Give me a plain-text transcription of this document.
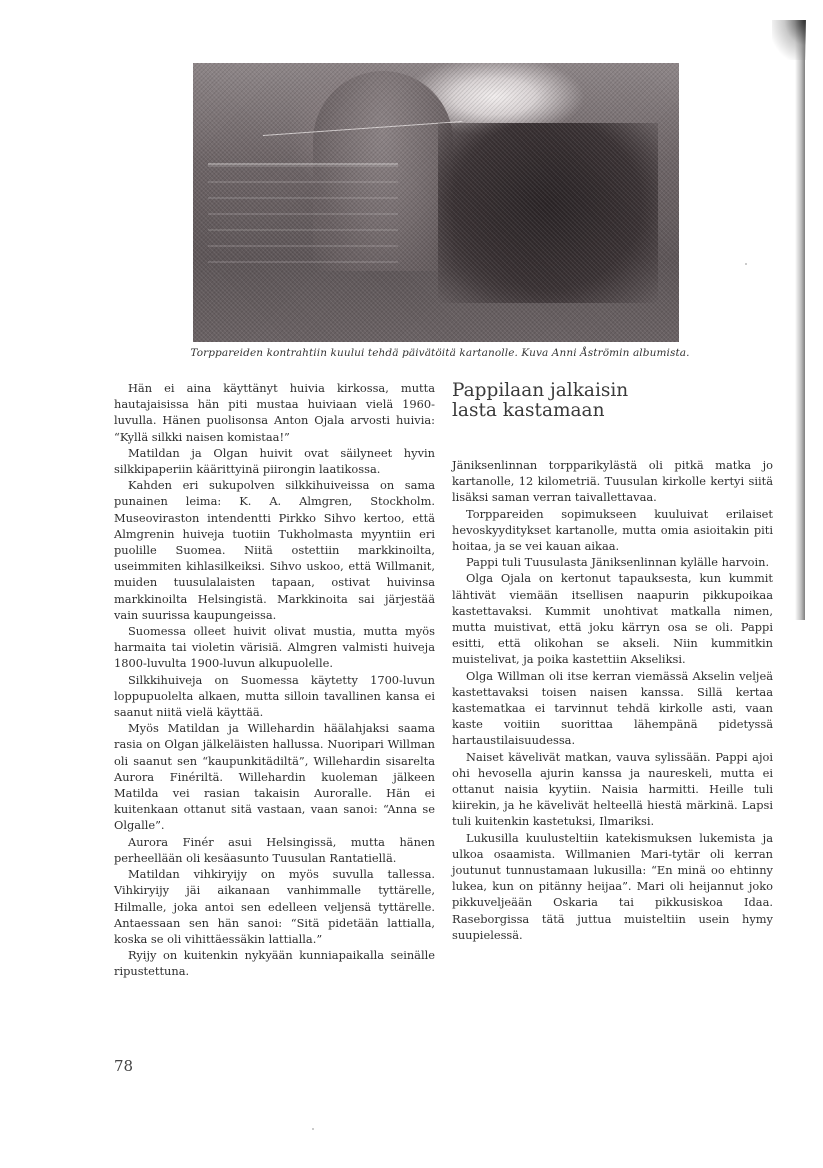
Torppareiden kontrahtiin kuului tehdä päivätöitä kartanolle. Kuva Anni Åströmin albumista.

Hän ei aina käyttänyt huivia kirkossa, mutta hautajaisissa hän piti mustaa huiviaan vielä 1960-luvulla. Hänen puolisonsa Anton Ojala arvosti huivia: “Kyllä silkki naisen komistaa!”

Matildan ja Olgan huivit ovat säilyneet hyvin silkkipaperiin käärittyinä piirongin laatikossa.

Kahden eri sukupolven silkkihuiveissa on sama punainen leima: K. A. Almgren, Stockholm. Museoviraston intendentti Pirkko Sihvo kertoo, että Almgrenin huiveja tuotiin Tukholmasta myyntiin eri puolille Suomea. Niitä ostettiin markkinoilta, useimmiten kihlasilkeiksi. Sihvo uskoo, että Willmanit, muiden tuusulalaisten tapaan, ostivat huivinsa markkinoilta Helsingistä. Markkinoita sai järjestää vain suurissa kaupungeissa.

Suomessa olleet huivit olivat mustia, mutta myös harmaita tai violetin värisiä. Almgren valmisti huiveja 1800-luvulta 1900-luvun alkupuolelle.

Silkkihuiveja on Suomessa käytetty 1700-luvun loppupuolelta alkaen, mutta silloin tavallinen kansa ei saanut niitä vielä käyttää.

Myös Matildan ja Willehardin häälahjaksi saama rasia on Olgan jälkeläisten hallussa. Nuoripari Willman oli saanut sen “kaupunkitädiltä”, Willehardin sisarelta Aurora Finériltä. Willehardin kuoleman jälkeen Matilda vei rasian takaisin Auroralle. Hän ei kuitenkaan ottanut sitä vastaan, vaan sanoi: “Anna se Olgalle”.

Aurora Finér asui Helsingissä, mutta hänen perheellään oli kesäasunto Tuusulan Rantatiellä.

Matildan vihkiryijy on myös suvulla tallessa. Vihkiryijy jäi aikanaan vanhimmalle tyttärelle, Hilmalle, joka antoi sen edelleen veljensä tyttärelle. Antaessaan sen hän sanoi: “Sitä pidetään lattialla, koska se oli vihittäessäkin lattialla.”

Ryijy on kuitenkin nykyään kunniapaikalla seinälle ripustettuna.

Pappilaan jalkaisin
lasta kastamaan

Jäniksenlinnan torpparikylästä oli pitkä matka jo kartanolle, 12 kilometriä. Tuusulan kirkolle kertyi siitä lisäksi saman verran taivallettavaa.

Torppareiden sopimukseen kuuluivat erilaiset hevoskyyditykset kartanolle, mutta omia asioitakin piti hoitaa, ja se vei kauan aikaa.

Pappi tuli Tuusulasta Jäniksenlinnan kylälle harvoin.

Olga Ojala on kertonut tapauksesta, kun kummit lähtivät viemään itsellisen naapurin pikkupoikaa kastettavaksi. Kummit unohtivat matkalla nimen, mutta muistivat, että joku kärryn osa se oli. Pappi esitti, että olikohan se akseli. Niin kummitkin muistelivat, ja poika kastettiin Akseliksi.

Olga Willman oli itse kerran viemässä Akselin veljeä kastettavaksi toisen naisen kanssa. Sillä kertaa kastematkaa ei tarvinnut tehdä kirkolle asti, vaan kaste voitiin suorittaa lähempänä pidetyssä hartaustilaisuudessa.

Naiset kävelivät matkan, vauva sylissään. Pappi ajoi ohi hevosella ajurin kanssa ja naureskeli, mutta ei ottanut naisia kyytiin. Naisia harmitti. Heille tuli kiirekin, ja he kävelivät helteellä hiestä märkinä. Lapsi tuli kuitenkin kastetuksi, Ilmariksi.

Lukusilla kuulusteltiin katekismuksen lukemista ja ulkoa osaamista. Willmanien Mari-tytär oli kerran joutunut tunnustamaan lukusilla: “En minä oo ehtinny lukea, kun on pitänny heijaa”. Mari oli heijannut joko pikkuveljeään Oskaria tai pikkusiskoa Idaa. Raseborgissa tätä juttua muisteltiin usein hymy suupielessä.

78
